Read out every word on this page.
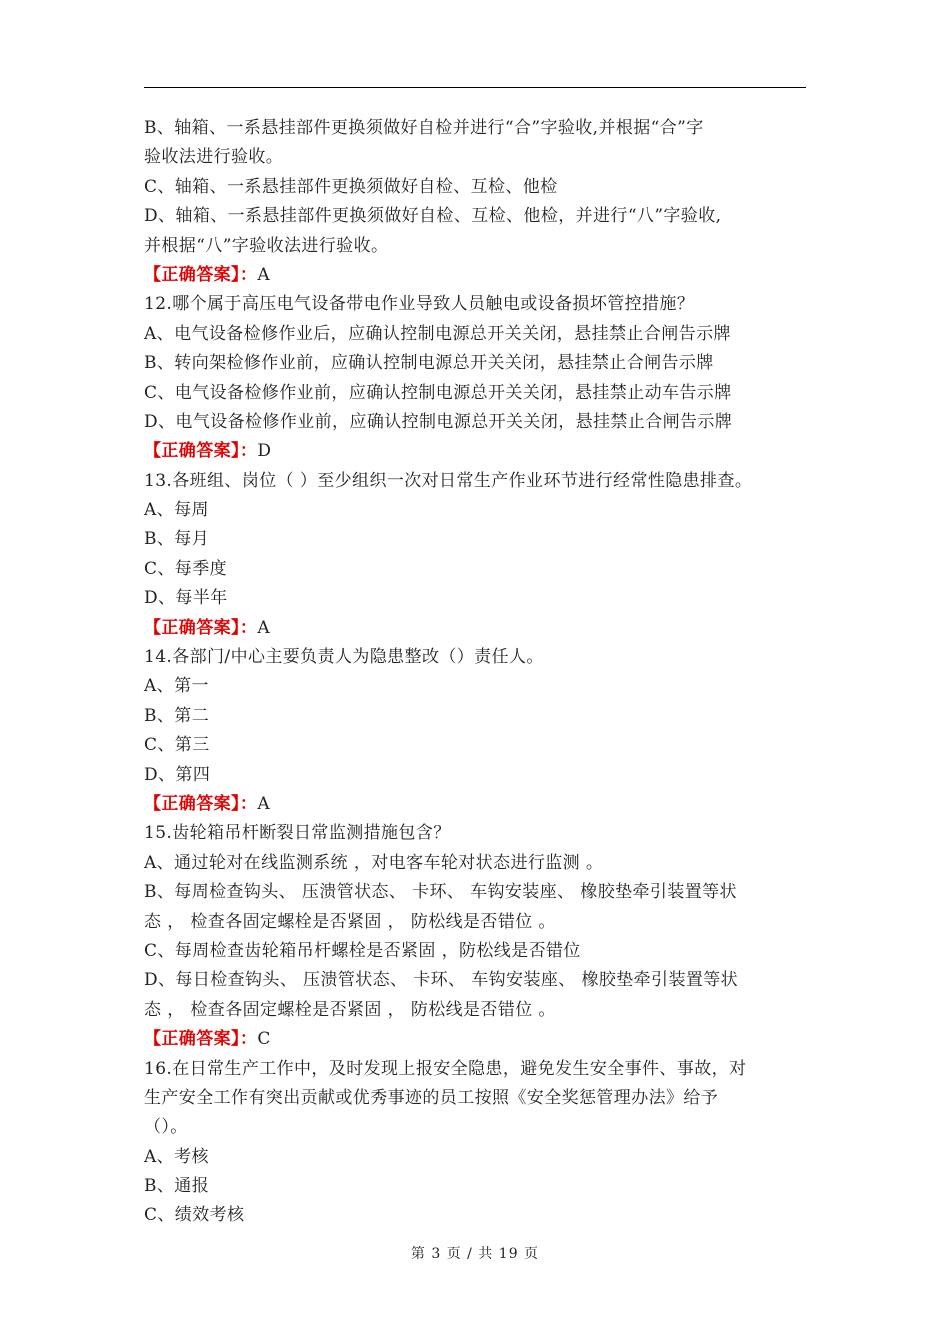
B、轴箱、一系悬挂部件更换须做好自检并进行“合”字验收,并根据“合”字
验收法进行验收。
C、轴箱、一系悬挂部件更换须做好自检、互检、他检
D、轴箱、一系悬挂部件更换须做好自检、互检、他检，并进行“八”字验收,
并根据“八”字验收法进行验收。
【正确答案】：A
12.哪个属于高压电气设备带电作业导致人员触电或设备损坏管控措施？
A、电气设备检修作业后，应确认控制电源总开关关闭，悬挂禁止合闸告示牌
B、转向架检修作业前，应确认控制电源总开关关闭，悬挂禁止合闸告示牌
C、电气设备检修作业前，应确认控制电源总开关关闭，悬挂禁止动车告示牌
D、电气设备检修作业前，应确认控制电源总开关关闭，悬挂禁止合闸告示牌
【正确答案】：D
13.各班组、岗位（ ）至少组织一次对日常生产作业环节进行经常性隐患排查。
A、每周
B、每月
C、每季度
D、每半年
【正确答案】：A
14.各部门/中心主要负责人为隐患整改（）责任人。
A、第一
B、第二
C、第三
D、第四
【正确答案】：A
15.齿轮箱吊杆断裂日常监测措施包含？
A、通过轮对在线监测系统 ，对电客车轮对状态进行监测 。
B、每周检查钩头、 压溃管状态、 卡环、 车钩安装座、 橡胶垫牵引装置等状
态 ， 检查各固定螺栓是否紧固 ， 防松线是否错位 。
C、每周检查齿轮箱吊杆螺栓是否紧固 ，防松线是否错位
D、每日检查钩头、 压溃管状态、 卡环、 车钩安装座、 橡胶垫牵引装置等状
态 ， 检查各固定螺栓是否紧固 ， 防松线是否错位 。
【正确答案】：C
16.在日常生产工作中，及时发现上报安全隐患，避免发生安全事件、事故，对
生产安全工作有突出贡献或优秀事迹的员工按照《安全奖惩管理办法》给予
（）。
A、考核
B、通报
C、绩效考核
第 3 页 / 共 19 页
